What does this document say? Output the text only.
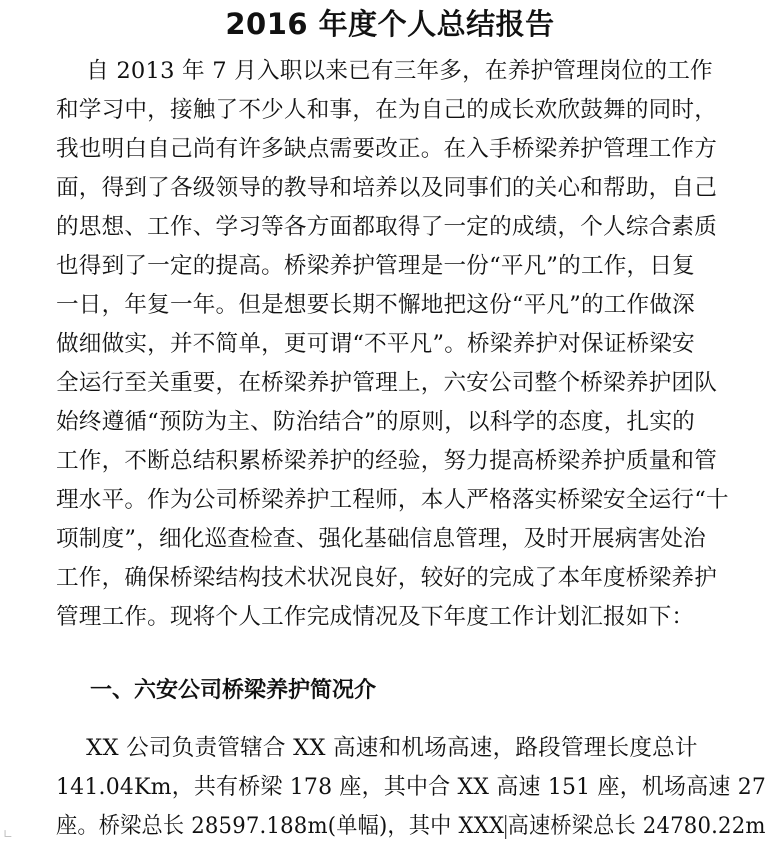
2016 年度个人总结报告
　 自 2013 年 7 月入职以来已有三年多，在养护管理岗位的工作
和学习中，接触了不少人和事，在为自己的成长欢欣鼓舞的同时，
我也明白自己尚有许多缺点需要改正。在入手桥梁养护管理工作方
面，得到了各级领导的教导和培养以及同事们的关心和帮助，自己
的思想、工作、学习等各方面都取得了一定的成绩，个人综合素质
也得到了一定的提高。桥梁养护管理是一份“平凡”的工作，日复
一日，年复一年。但是想要长期不懈地把这份“平凡”的工作做深
做细做实，并不简单，更可谓“不平凡”。桥梁养护对保证桥梁安
全运行至关重要，在桥梁养护管理上，六安公司整个桥梁养护团队
始终遵循“预防为主、防治结合”的原则，以科学的态度，扎实的
工作，不断总结积累桥梁养护的经验，努力提高桥梁养护质量和管
理水平。作为公司桥梁养护工程师，本人严格落实桥梁安全运行“十
项制度”，细化巡查检查、强化基础信息管理，及时开展病害处治
工作，确保桥梁结构技术状况良好，较好的完成了本年度桥梁养护
管理工作。现将个人工作完成情况及下年度工作计划汇报如下：
一、六安公司桥梁养护简况介
　 XX 公司负责管辖合 XX 高速和机场高速，路段管理长度总计
141.04Km，共有桥梁 178 座，其中合 XX 高速 151 座，机场高速 27
座。桥梁总长 28597.188m(单幅)，其中 XXX 高速桥梁总长 24780.22m
∟
